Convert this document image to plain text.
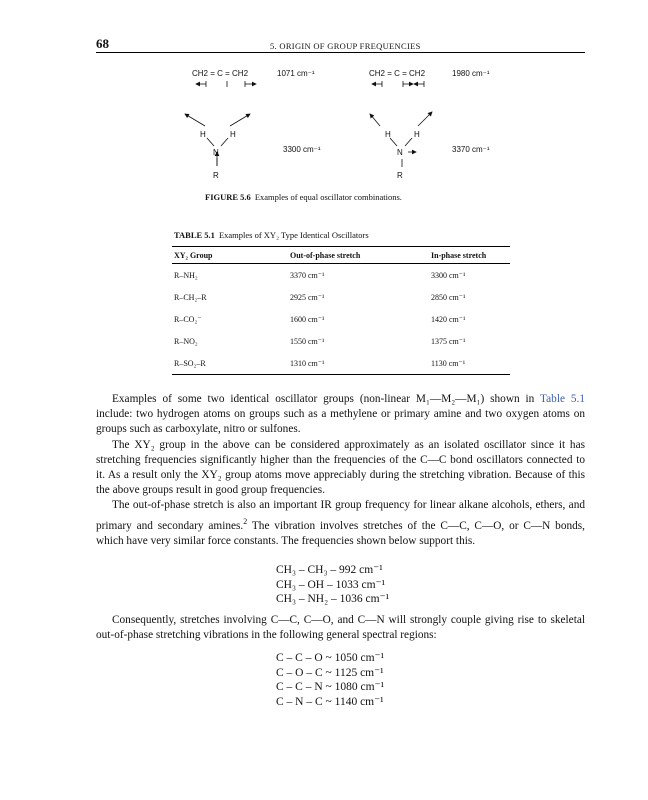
68	5. ORIGIN OF GROUP FREQUENCIES
CH2 = C = CH2	1071 cm⁻¹	CH2 = C = CH2	1980 cm⁻¹
H	H
N
R
3300 cm⁻¹
H	H
N
R
3370 cm⁻¹
FIGURE 5.6 Examples of equal oscillator combinations.
TABLE 5.1 Examples of XY₂ Type Identical Oscillators
XY₂ Group	Out-of-phase stretch	In-phase stretch
R–NH₂	3370 cm⁻¹	3300 cm⁻¹
R–CH₂–R	2925 cm⁻¹	2850 cm⁻¹
R–CO₂⁻	1600 cm⁻¹	1420 cm⁻¹
R–NO₂	1550 cm⁻¹	1375 cm⁻¹
R–SO₂–R	1310 cm⁻¹	1130 cm⁻¹

Examples of some two identical oscillator groups (non-linear M₁—M₂—M₁) shown in Table 5.1 include: two hydrogen atoms on groups such as a methylene or primary amine and two oxygen atoms on groups such as carboxylate, nitro or sulfones.

The XY₂ group in the above can be considered approximately as an isolated oscillator since it has stretching frequencies significantly higher than the frequencies of the C—C bond oscillators connected to it. As a result only the XY₂ group atoms move appreciably during the stretching vibration. Because of this the above groups result in good group frequencies.

The out-of-phase stretch is also an important IR group frequency for linear alkane alcohols, ethers, and primary and secondary amines.$^2$ The vibration involves stretches of the C—C, C—O, or C—N bonds, which have very similar force constants. The frequencies shown below support this.

CH₃ – CH₃ – 992 cm⁻¹
CH₃ – OH – 1033 cm⁻¹
CH₃ – NH₂ – 1036 cm⁻¹

Consequently, stretches involving C—C, C—O, and C—N will strongly couple giving rise to skeletal out-of-phase stretching vibrations in the following general spectral regions:

C – C – O ~ 1050 cm⁻¹
C – O – C ~ 1125 cm⁻¹
C – C – N ~ 1080 cm⁻¹
C – N – C ~ 1140 cm⁻¹
